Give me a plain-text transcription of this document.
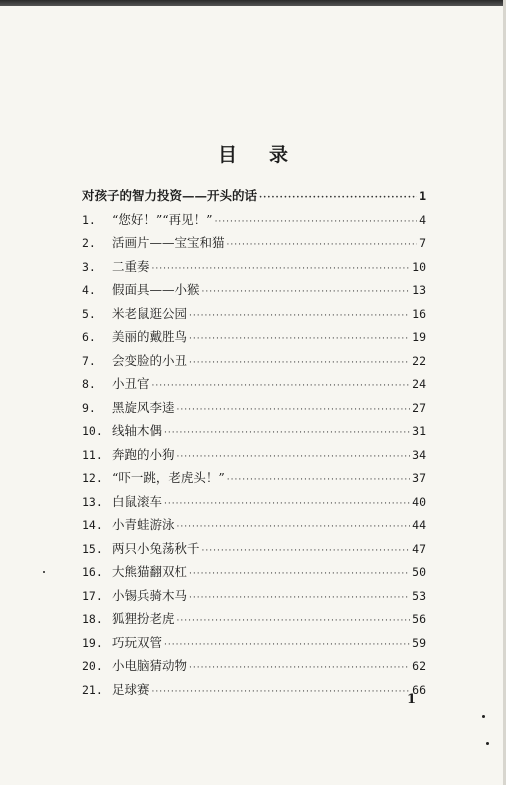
目 录
对孩子的智力投资——开头的话 ·····	1
1.	“您好！”“再见！” ·····	4
2.	活画片——宝宝和猫 ·····	7
3.	二重奏 ·····	10
4.	假面具——小猴 ·····	13
5.	米老鼠逛公园 ·····	16
6.	美丽的戴胜鸟 ·····	19
7.	会变脸的小丑 ·····	22
8.	小丑官 ·····	24
9.	黑旋风李逵 ·····	27
10. 线轴木偶 ·····	31
11. 奔跑的小狗 ·····	34
12. “吓一跳，老虎头！” ·····	37
13. 白鼠滚车 ·····	40
14. 小青蛙游泳 ·····	44
15. 两只小兔荡秋千 ·····	47
16. 大熊猫翻双杠 ·····	50
17. 小锡兵骑木马 ·····	53
18. 狐狸扮老虎 ·····	56
19. 巧玩双管 ·····	59
20. 小电脑猜动物 ·····	62
21. 足球赛 ·····	66
1
